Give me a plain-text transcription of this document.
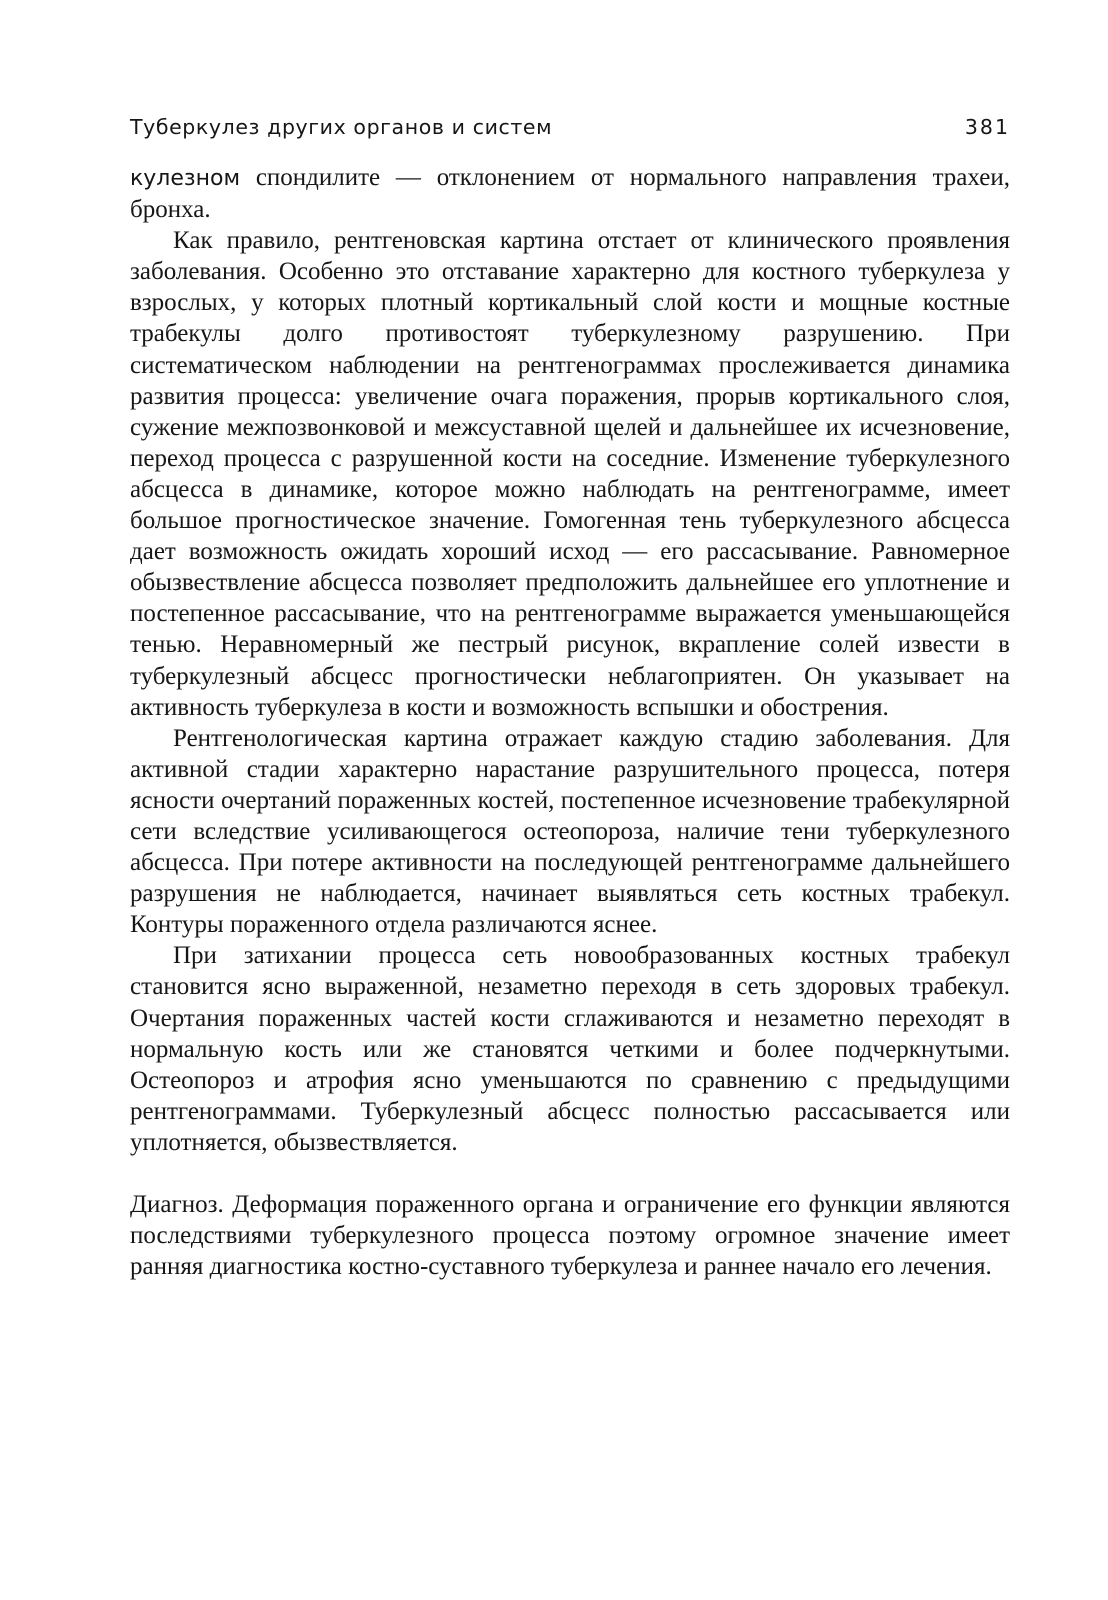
Туберкулез других органов и систем	381

кулезном спондилите — отклонением от нормального направления трахеи, бронха.

Как правило, рентгеновская картина отстает от клинического проявления заболевания. Особенно это отставание характерно для костного туберкулеза у взрослых, у которых плотный кортикальный слой кости и мощные костные трабекулы долго противостоят туберкулезному разрушению. При систематическом наблюдении на рентгенограммах прослеживается динамика развития процесса: увеличение очага поражения, прорыв кортикального слоя, сужение межпозвонковой и межсуставной щелей и дальнейшее их исчезновение, переход процесса с разрушенной кости на соседние. Изменение туберкулезного абсцесса в динамике, которое можно наблюдать на рентгенограмме, имеет большое прогностическое значение. Гомогенная тень туберкулезного абсцесса дает возможность ожидать хороший исход — его рассасывание. Равномерное обызвествление абсцесса позволяет предположить дальнейшее его уплотнение и постепенное рассасывание, что на рентгенограмме выражается уменьшающейся тенью. Неравномерный же пестрый рисунок, вкрапление солей извести в туберкулезный абсцесс прогностически неблагоприятен. Он указывает на активность туберкулеза в кости и возможность вспышки и обострения.

Рентгенологическая картина отражает каждую стадию заболевания. Для активной стадии характерно нарастание разрушительного процесса, потеря ясности очертаний пораженных костей, постепенное исчезновение трабекулярной сети вследствие усиливающегося остеопороза, наличие тени туберкулезного абсцесса. При потере активности на последующей рентгенограмме дальнейшего разрушения не наблюдается, начинает выявляться сеть костных трабекул. Контуры пораженного отдела различаются яснее.

При затихании процесса сеть новообразованных костных трабекул становится ясно выраженной, незаметно переходя в сеть здоровых трабекул. Очертания пораженных частей кости сглаживаются и незаметно переходят в нормальную кость или же становятся четкими и более подчеркнутыми. Остеопороз и атрофия ясно уменьшаются по сравнению с предыдущими рентгенограммами. Туберкулезный абсцесс полностью рассасывается или уплотняется, обызвествляется.

Диагноз. Деформация пораженного органа и ограничение его функции являются последствиями туберкулезного процесса поэтому огромное значение имеет ранняя диагностика костно-суставного туберкулеза и раннее начало его лечения.
